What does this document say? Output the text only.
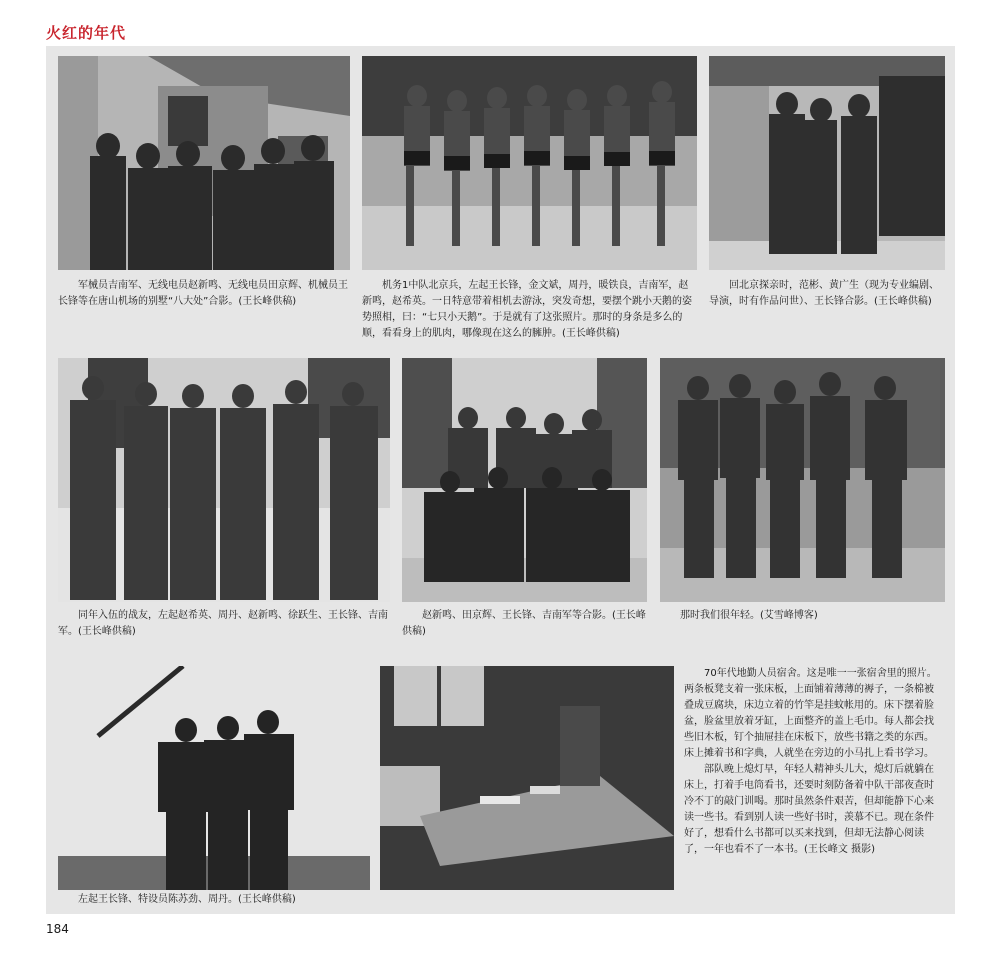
火红的年代

军械员吉南军、无线电员赵新鸣、无线电员田京辉、机械员王长锋等在唐山机场的别墅“八大处”合影。(王长峰供稿)

机务1中队北京兵，左起王长锋，金文斌，周丹，暖铁良，吉南军，赵新鸣，赵希英。一日特意带着相机去游泳，突发奇想，要摆个跳小天鹅的姿势照相，曰：“七只小天鹅”。于是就有了这张照片。那时的身条是多么的顺，看看身上的肌肉，哪像现在这么的臃肿。(王长峰供稿)

回北京探亲时，范彬、黄广生（现为专业编剧、导演，时有作品问世）、王长锋合影。(王长峰供稿)

同年入伍的战友，左起赵希英、周丹、赵新鸣、徐跃生、王长锋、吉南军。(王长峰供稿)

赵新鸣、田京辉、王长锋、吉南军等合影。(王长峰供稿)

那时我们很年轻。(艾雪峰博客)

左起王长锋、特设员陈苏劲、周丹。(王长峰供稿)

70年代地勤人员宿舍。这是唯一一张宿舍里的照片。两条板凳支着一张床板，上面铺着薄薄的褥子，一条棉被叠成豆腐块，床边立着的竹竿是挂蚊帐用的。床下摆着脸盆，脸盆里放着牙缸，上面整齐的盖上毛巾。每人都会找些旧木板，钉个抽屉挂在床板下，放些书籍之类的东西。床上摊着书和字典，人就坐在旁边的小马扎上看书学习。

部队晚上熄灯早，年轻人精神头儿大，熄灯后就躺在床上，打着手电筒看书，还要时刻防备着中队干部夜查时冷不丁的敲门训喝。那时虽然条件艰苦，但却能静下心来读一些书。看到别人读一些好书时，羡慕不已。现在条件好了，想看什么书都可以买来找到，但却无法静心阅读了，一年也看不了一本书。(王长峰文 摄影)

184
